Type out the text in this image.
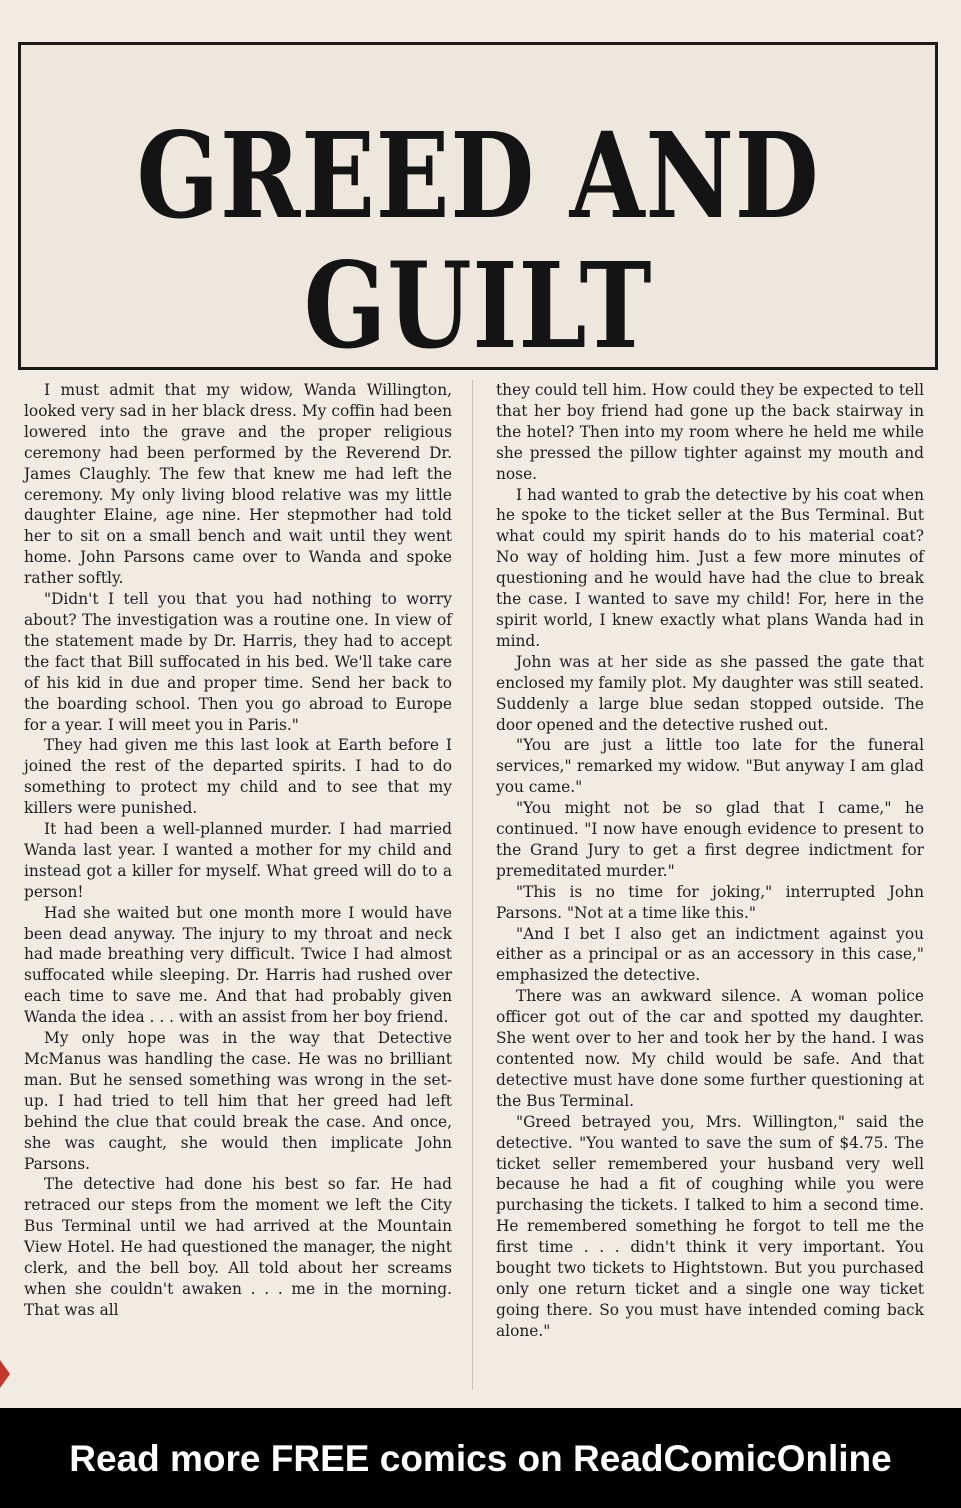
GREED AND
GUILT

I must admit that my widow, Wanda Willington, looked very sad in her black dress. My coffin had been lowered into the grave and the proper religious ceremony had been performed by the Reverend Dr. James Claughly. The few that knew me had left the ceremony. My only living blood relative was my little daughter Elaine, age nine. Her stepmother had told her to sit on a small bench and wait until they went home. John Parsons came over to Wanda and spoke rather softly.

"Didn't I tell you that you had nothing to worry about? The investigation was a routine one. In view of the statement made by Dr. Harris, they had to accept the fact that Bill suffocated in his bed. We'll take care of his kid in due and proper time. Send her back to the boarding school. Then you go abroad to Europe for a year. I will meet you in Paris."

They had given me this last look at Earth before I joined the rest of the departed spirits. I had to do something to protect my child and to see that my killers were punished.

It had been a well-planned murder. I had married Wanda last year. I wanted a mother for my child and instead got a killer for myself. What greed will do to a person!

Had she waited but one month more I would have been dead anyway. The injury to my throat and neck had made breathing very difficult. Twice I had almost suffocated while sleeping. Dr. Harris had rushed over each time to save me. And that had probably given Wanda the idea . . . with an assist from her boy friend.

My only hope was in the way that Detective McManus was handling the case. He was no brilliant man. But he sensed something was wrong in the set-up. I had tried to tell him that her greed had left behind the clue that could break the case. And once, she was caught, she would then implicate John Parsons.

The detective had done his best so far. He had retraced our steps from the moment we left the City Bus Terminal until we had arrived at the Mountain View Hotel. He had questioned the manager, the night clerk, and the bell boy. All told about her screams when she couldn't awaken . . . me in the morning. That was all

they could tell him. How could they be expected to tell that her boy friend had gone up the back stairway in the hotel? Then into my room where he held me while she pressed the pillow tighter against my mouth and nose.

I had wanted to grab the detective by his coat when he spoke to the ticket seller at the Bus Terminal. But what could my spirit hands do to his material coat? No way of holding him. Just a few more minutes of questioning and he would have had the clue to break the case. I wanted to save my child! For, here in the spirit world, I knew exactly what plans Wanda had in mind.

John was at her side as she passed the gate that enclosed my family plot. My daughter was still seated. Suddenly a large blue sedan stopped outside. The door opened and the detective rushed out.

"You are just a little too late for the funeral services," remarked my widow. "But anyway I am glad you came."

"You might not be so glad that I came," he continued. "I now have enough evidence to present to the Grand Jury to get a first degree indictment for premeditated murder."

"This is no time for joking," interrupted John Parsons. "Not at a time like this."

"And I bet I also get an indictment against you either as a principal or as an accessory in this case," emphasized the detective.

There was an awkward silence. A woman police officer got out of the car and spotted my daughter. She went over to her and took her by the hand. I was contented now. My child would be safe. And that detective must have done some further questioning at the Bus Terminal.

"Greed betrayed you, Mrs. Willington," said the detective. "You wanted to save the sum of $4.75. The ticket seller remembered your husband very well because he had a fit of coughing while you were purchasing the tickets. I talked to him a second time. He remembered something he forgot to tell me the first time . . . didn't think it very important. You bought two tickets to Hightstown. But you purchased only one return ticket and a single one way ticket going there. So you must have intended coming back alone."

Read more FREE comics on ReadComicOnline
